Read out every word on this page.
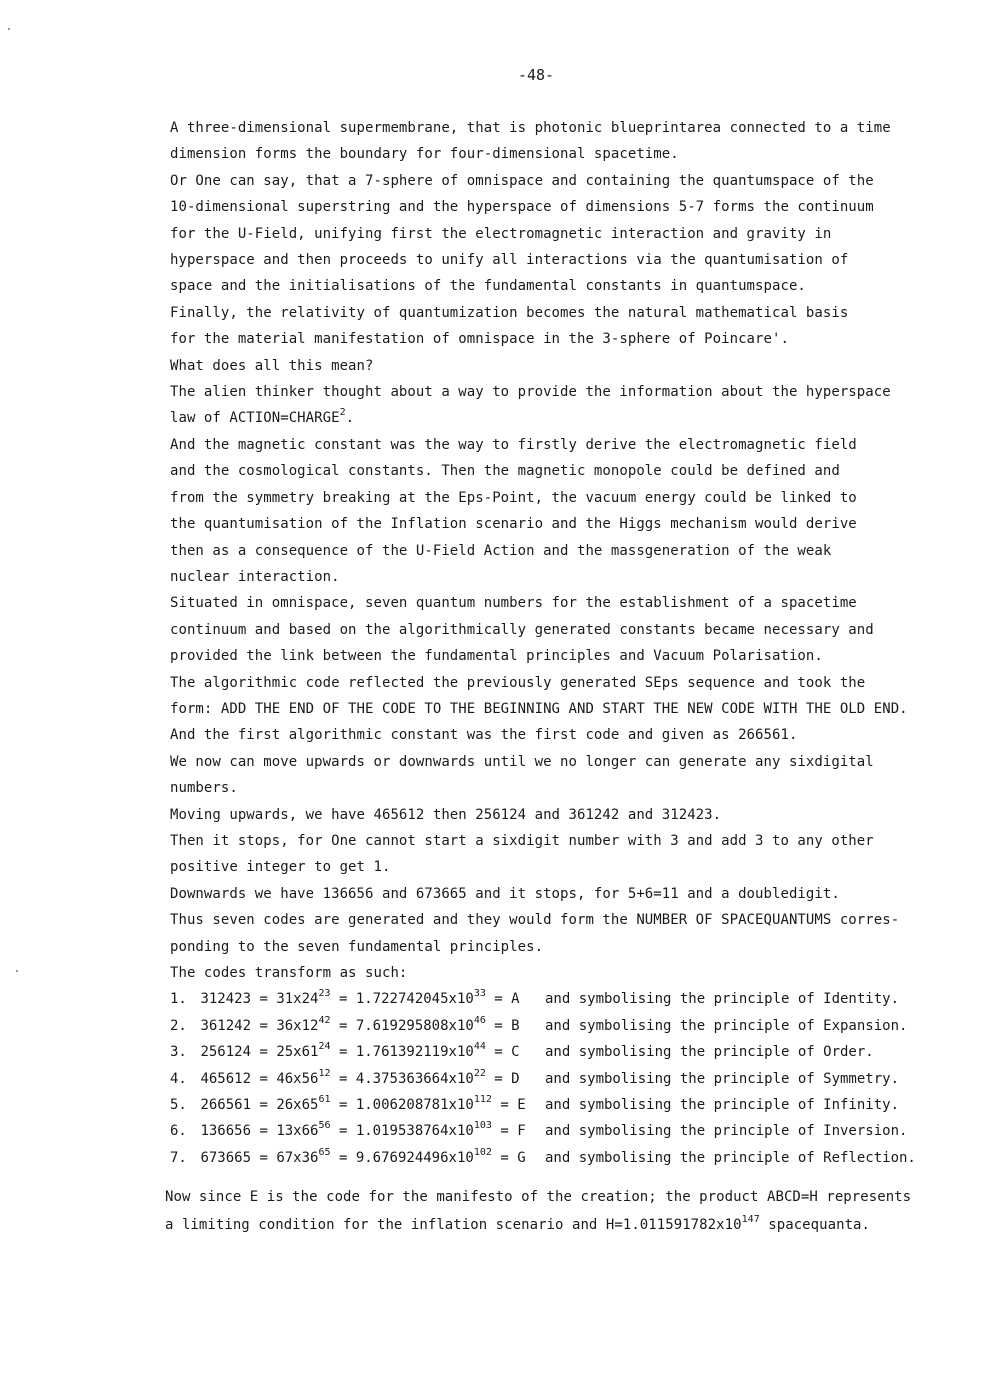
-48-
A three-dimensional supermembrane, that is photonic blueprintarea connected to a time
dimension forms the boundary for four-dimensional spacetime.
Or One can say, that a 7-sphere of omnispace and containing the quantumspace of the
10-dimensional superstring and the hyperspace of dimensions 5-7 forms the continuum
for the U-Field, unifying first the electromagnetic interaction and gravity in
hyperspace and then proceeds to unify all interactions via the quantumisation of
space and the initialisations of the fundamental constants in quantumspace.
Finally, the relativity of quantumization becomes the natural mathematical basis
for the material manifestation of omnispace in the 3-sphere of Poincare'.
What does all this mean?
The alien thinker thought about a way to provide the information about the hyperspace
law of $ACTION=CHARGE^2$.
And the magnetic constant was the way to firstly derive the electromagnetic field
and the cosmological constants. Then the magnetic monopole could be defined and
from the symmetry breaking at the Eps-Point, the vacuum energy could be linked to
the quantumisation of the Inflation scenario and the Higgs mechanism would derive
then as a consequence of the U-Field Action and the massgeneration of the weak
nuclear interaction.
Situated in omnispace, seven quantum numbers for the establishment of a spacetime
continuum and based on the algorithmically generated constants became necessary and
provided the link between the fundamental principles and Vacuum Polarisation.
The algorithmic code reflected the previously generated SEps sequence and took the
form: ADD THE END OF THE CODE TO THE BEGINNING AND START THE NEW CODE WITH THE OLD END.
And the first algorithmic constant was the first code and given as 266561.
We now can move upwards or downwards until we no longer can generate any sixdigital
numbers.
Moving upwards, we have 465612 then 256124 and 361242 and 312423.
Then it stops, for One cannot start a sixdigit number with 3 and add 3 to any other
positive integer to get 1.
Downwards we have 136656 and 673665 and it stops, for 5+6=11 and a doubledigit.
Thus seven codes are generated and they would form the NUMBER OF SPACEQUANTUMS corres-
ponding to the seven fundamental principles.
The codes transform as such:
1. $312423 = 31x24^{23} = 1.722742045x10^{33} = A$	and symbolising the principle of Identity.
2. $361242 = 36x12^{42} = 7.619295808x10^{46} = B$	and symbolising the principle of Expansion.
3. $256124 = 25x61^{24} = 1.761392119x10^{44} = C$	and symbolising the principle of Order.
4. $465612 = 46x56^{12} = 4.375363664x10^{22} = D$	and symbolising the principle of Symmetry.
5. $266561 = 26x65^{61} = 1.006208781x10^{112} = E$	and symbolising the principle of Infinity.
6. $136656 = 13x66^{56} = 1.019538764x10^{103} = F$	and symbolising the principle of Inversion.
7. $673665 = 67x36^{65} = 9.676924496x10^{102} = G$	and symbolising the principle of Reflection.
Now since E is the code for the manifesto of the creation; the product ABCD=H represents
a limiting condition for the inflation scenario and $H=1.011591782x10^{147}$ spacequanta.
